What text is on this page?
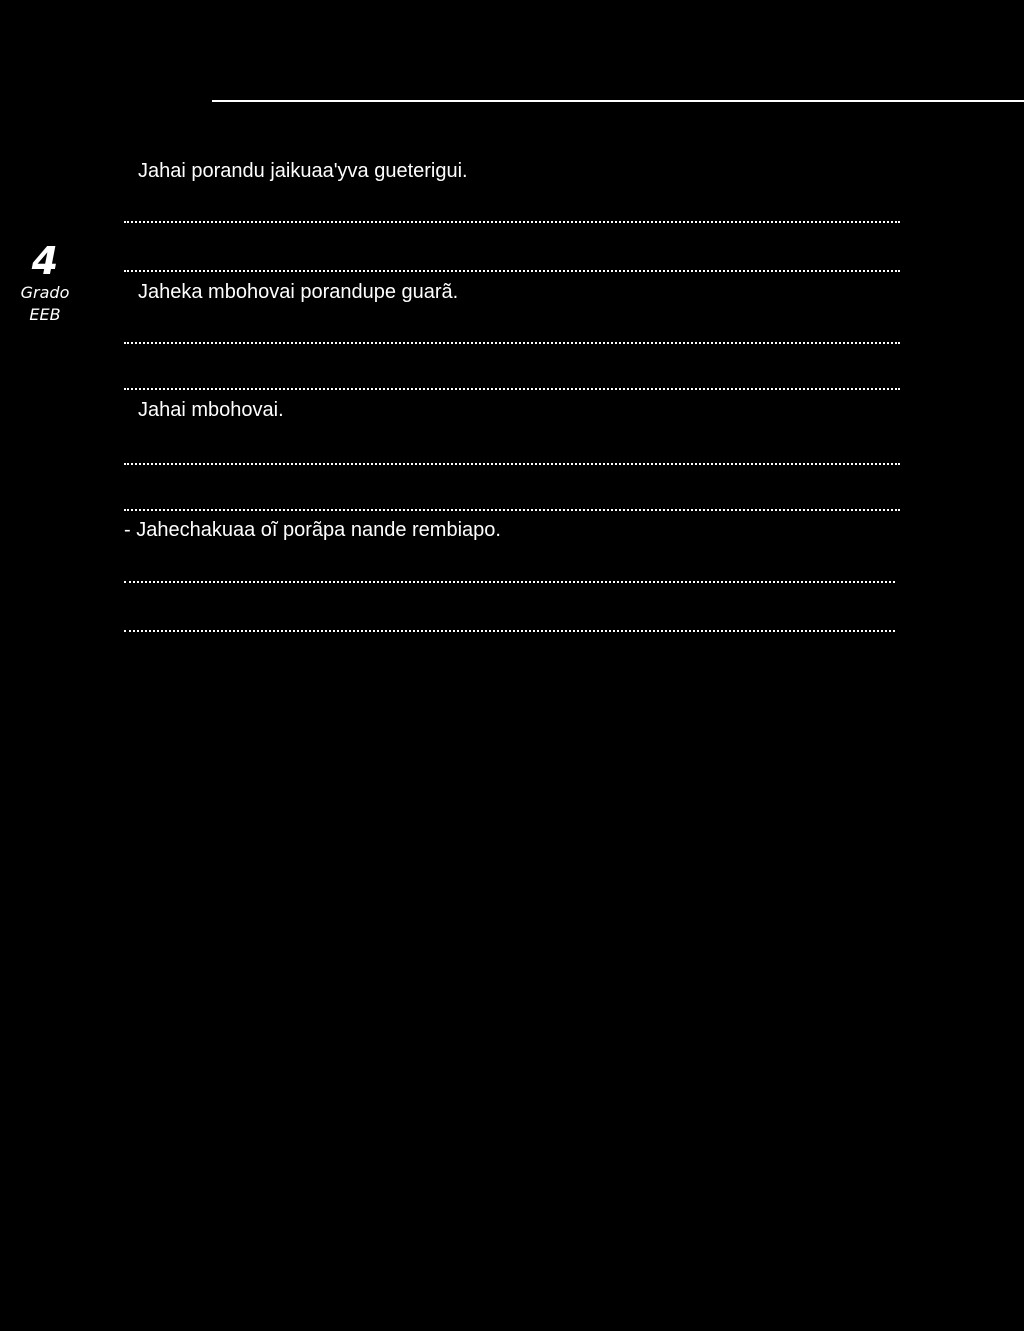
4
Grado
EEB
Jahai porandu jaikuaa'yva gueterigui.
Jaheka mbohovai porandupe guarã.
Jahai mbohovai.
- Jahechakuaa oĩ porãpa nande rembiapo.
